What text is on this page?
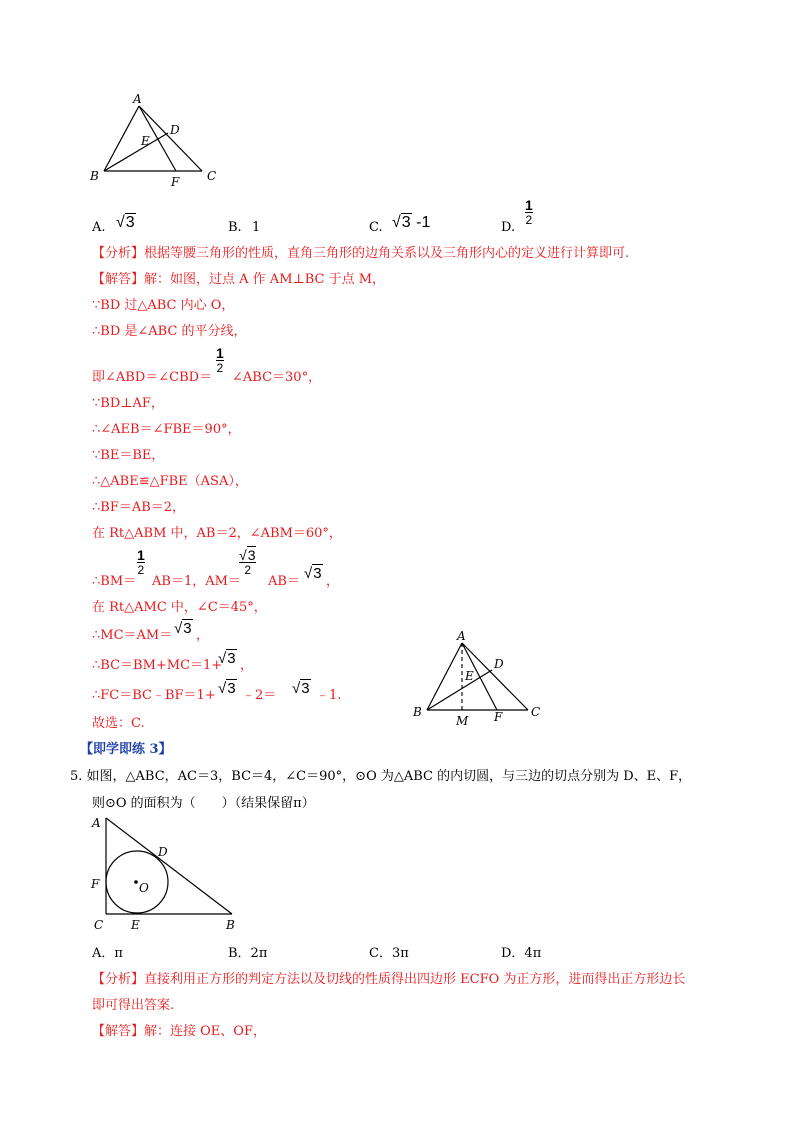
A
B	C
D
E
F
A. √3	B. 1	C. √3 -1	D.
$\frac{1}{2}$
【分析】根据等腰三角形的性质，直角三角形的边角关系以及三角形内心的定义进行计算即可.
【解答】解：如图，过点 A 作 AM⊥BC 于点 M，
∵BD 过△ABC 内心 O，
∴BD 是∠ABC 的平分线，
即∠ABD＝∠CBD＝
$\frac{1}{2}$
∠ABC＝30°，
∵BD⊥AF，
∴∠AEB＝∠FBE＝90°，
∵BE＝BE，
∴△ABE≌△FBE（ASA），
∴BF＝AB＝2，
在 Rt△ABM 中，AB＝2，∠ABM＝60°，
∴BM＝
$\frac{1}{2}$
AB＝1，AM＝
$\frac{√3}{2}$
AB＝ √3 ，
在 Rt△AMC 中，∠C＝45°，
∴MC＝AM＝ √3 ，
∴BC＝BM+MC＝1+
√3 ，
∴FC＝BC﹣BF＝1+ √3 ﹣2＝ √3 ﹣1.
故选：C.
A
B	C
D
E
F
M
【即学即练 3】
5. 如图，△ABC，AC＝3，BC＝4，∠C＝90°，⊙O 为△ABC 的内切圆，与三边的切点分别为 D、E、F，
则⊙O 的面积为（　　）（结果保留π）
A
F
C E	B
D
O
A．π	B．2π	C．3π	D．4π
【分析】直接利用正方形的判定方法以及切线的性质得出四边形 ECFO 为正方形，进而得出正方形边长
即可得出答案.
【解答】解：连接 OE、OF，
